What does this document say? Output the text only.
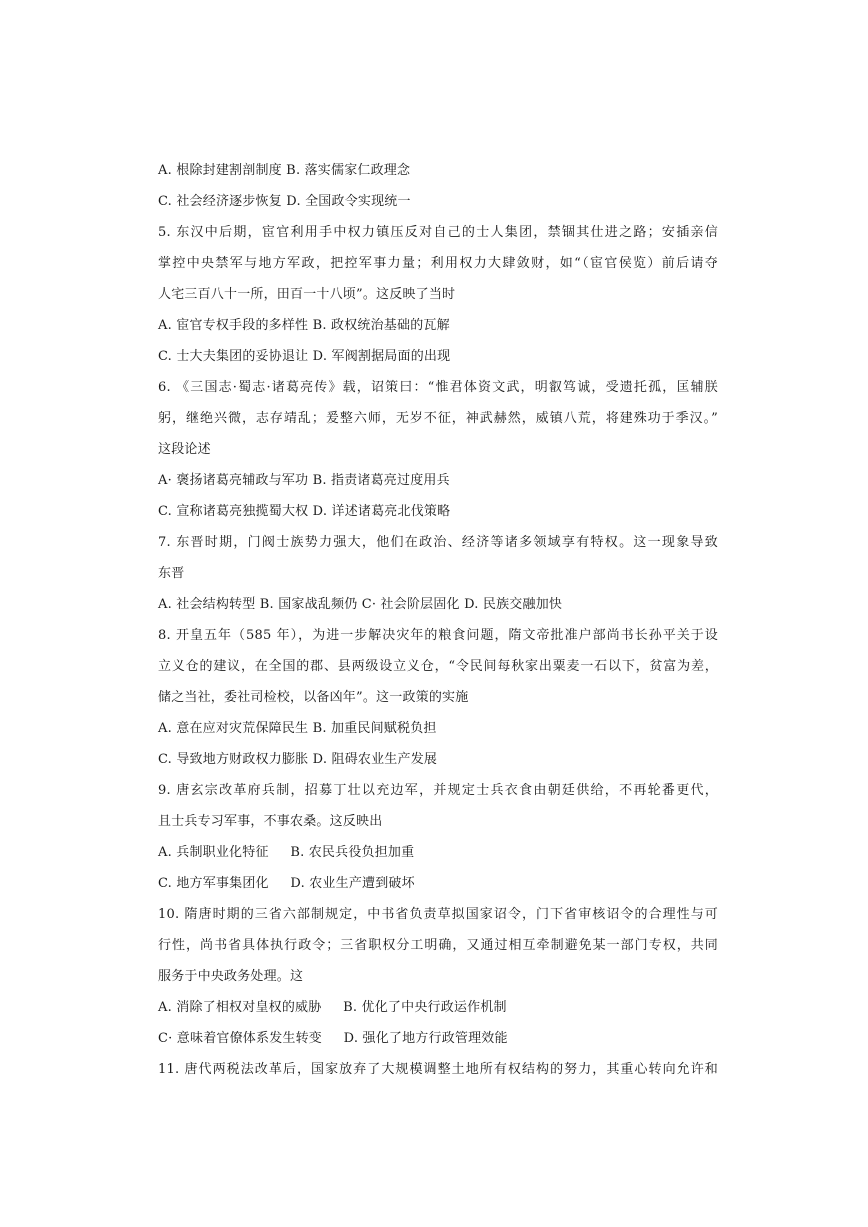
A. 根除封建割剖制度 B. 落实儒家仁政理念
C. 社会经济逐步恢复 D. 全国政令实现统一
5. 东汉中后期，宦官利用手中权力镇压反对自己的士人集团，禁锢其仕进之路；安插亲信
掌控中央禁军与地方军政，把控军事力量；利用权力大肆敛财，如“（宦官侯览）前后请夺
人宅三百八十一所，田百一十八顷”。这反映了当时
A. 宦官专权手段的多样性 B. 政权统治基础的瓦解
C. 士大夫集团的妥协退让 D. 军阀割据局面的出现
6. 《三国志·蜀志·诸葛亮传》载，诏策曰：“惟君体资文武，明叡笃诚，受遗托孤，匡辅朕
躬，继绝兴微，志存靖乱；爰整六师，无岁不征，神武赫然，威镇八荒，将建殊功于季汉。”
这段论述
A· 褒扬诸葛亮辅政与军功 B. 指责诸葛亮过度用兵
C. 宣称诸葛亮独揽蜀大权 D. 详述诸葛亮北伐策略
7. 东晋时期，门阀士族势力强大，他们在政治、经济等诸多领域享有特权。这一现象导致
东晋
A. 社会结构转型 B. 国家战乱频仍 C· 社会阶层固化 D. 民族交融加快
8. 开皇五年（585 年），为进一步解决灾年的粮食问题，隋文帝批准户部尚书长孙平关于设
立义仓的建议，在全国的郡、县两级设立义仓，“令民间每秋家出粟麦一石以下，贫富为差，
储之当社，委社司检校，以备凶年”。这一政策的实施
A. 意在应对灾荒保障民生 B. 加重民间赋税负担
C. 导致地方财政权力膨胀 D. 阻碍农业生产发展
9. 唐玄宗改革府兵制，招募丁壮以充边军，并规定士兵衣食由朝廷供给，不再轮番更代，
且士兵专习军事，不事农桑。这反映出
A. 兵制职业化特征     B. 农民兵役负担加重
C. 地方军事集团化     D. 农业生产遭到破坏
10. 隋唐时期的三省六部制规定，中书省负责草拟国家诏令，门下省审核诏令的合理性与可
行性，尚书省具体执行政令；三省职权分工明确，又通过相互牵制避免某一部门专权，共同
服务于中央政务处理。这
A. 消除了相权对皇权的威胁     B. 优化了中央行政运作机制
C· 意味着官僚体系发生转变     D. 强化了地方行政管理效能
11. 唐代两税法改革后，国家放弃了大规模调整土地所有权结构的努力，其重心转向允许和
